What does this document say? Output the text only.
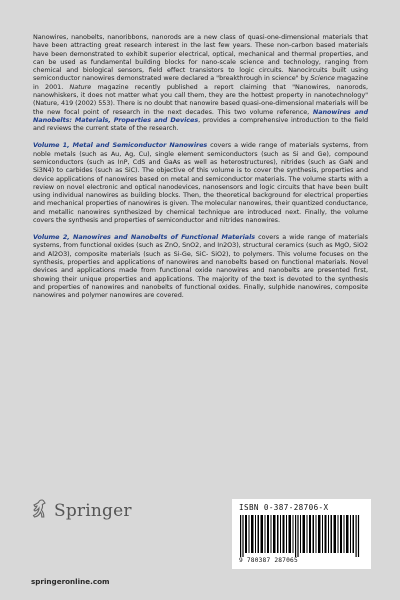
Nanowires, nanobelts, nanoribbons, nanorods are a new class of quasi-one-dimensional materials that have been attracting great research interest in the last few years. These non-carbon based materials have been demonstrated to exhibit superior electrical, optical, mechanical and thermal properties, and can be used as fundamental building blocks for nano-scale science and technology, ranging from chemical and biological sensors, field effect transistors to logic circuits. Nanocircuits built using semiconductor nanowires demonstrated were declared a "breakthrough in science" by Science magazine in 2001. Nature magazine recently published a report claiming that "Nanowires, nanorods, nanowhiskers, it does not matter what you call them, they are the hottest property in nanotechnology" (Nature, 419 (2002) 553). There is no doubt that nanowire based quasi-one-dimensional materials will be the new focal point of research in the next decades. This two volume reference, Nanowires and Nanobelts: Materials, Properties and Devices, provides a comprehensive introduction to the field and reviews the current state of the research.

Volume 1, Metal and Semiconductor Nanowires covers a wide range of materials systems, from noble metals (such as Au, Ag, Cu), single element semiconductors (such as Si and Ge), compound semiconductors (such as InP, CdS and GaAs as well as heterostructures), nitrides (such as GaN and Si3N4) to carbides (such as SiC). The objective of this volume is to cover the synthesis, properties and device applications of nanowires based on metal and semiconductor materials. The volume starts with a review on novel electronic and optical nanodevices, nanosensors and logic circuits that have been built using individual nanowires as building blocks. Then, the theoretical background for electrical properties and mechanical properties of nanowires is given. The molecular nanowires, their quantized conductance, and metallic nanowires synthesized by chemical technique are introduced next. Finally, the volume covers the synthesis and properties of semiconductor and nitrides nanowires.

Volume 2, Nanowires and Nanobelts of Functional Materials covers a wide range of materials systems, from functional oxides (such as ZnO, SnO2, and In2O3), structural ceramics (such as MgO, SiO2 and Al2O3), composite materials (such as Si-Ge, SiC- SiO2), to polymers. This volume focuses on the synthesis, properties and applications of nanowires and nanobelts based on functional materials. Novel devices and applications made from functional oxide nanowires and nanobelts are presented first, showing their unique properties and applications. The majority of the text is devoted to the synthesis and properties of nanowires and nanobelts of functional oxides. Finally, sulphide nanowires, composite nanowires and polymer nanowires are covered.

Springer
springeronline.com
ISBN 0-387-28706-X
9 780387 287065
